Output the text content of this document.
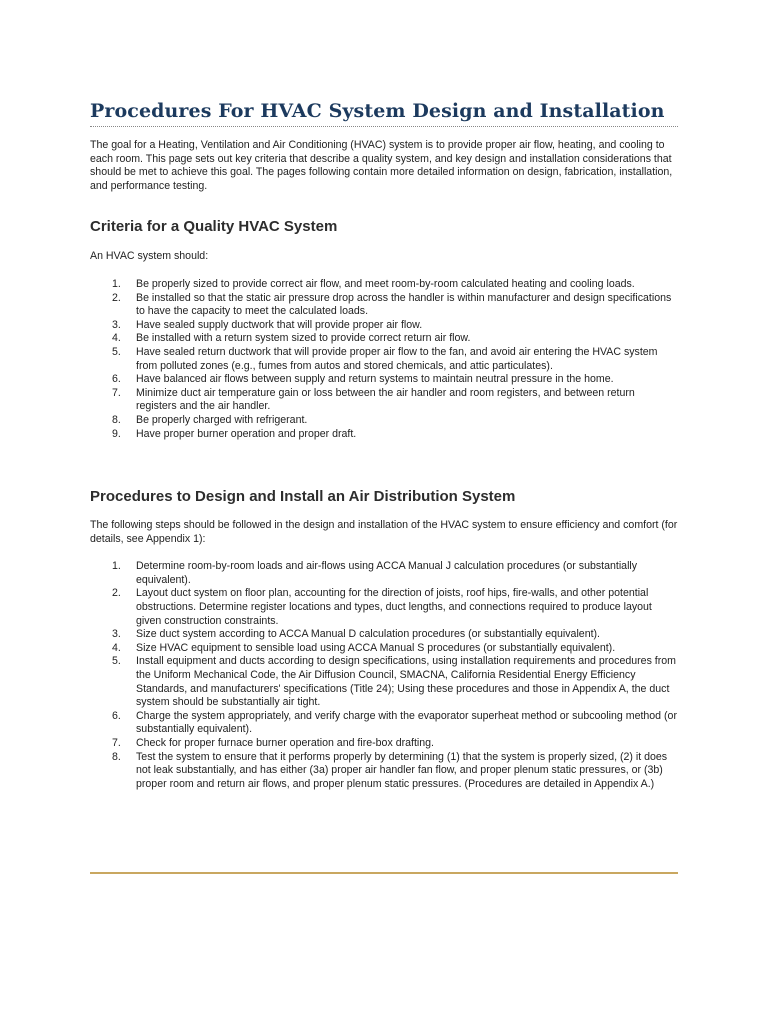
Procedures For HVAC System Design and Installation

The goal for a Heating, Ventilation and Air Conditioning (HVAC) system is to provide proper air flow, heating, and cooling to each room. This page sets out key criteria that describe a quality system, and key design and installation considerations that should be met to achieve this goal. The pages following contain more detailed information on design, fabrication, installation, and performance testing.

Criteria for a Quality HVAC System

An HVAC system should:

1. Be properly sized to provide correct air flow, and meet room-by-room calculated heating and cooling loads.
2. Be installed so that the static air pressure drop across the handler is within manufacturer and design specifications to have the capacity to meet the calculated loads.
3. Have sealed supply ductwork that will provide proper air flow.
4. Be installed with a return system sized to provide correct return air flow.
5. Have sealed return ductwork that will provide proper air flow to the fan, and avoid air entering the HVAC system from polluted zones (e.g., fumes from autos and stored chemicals, and attic particulates).
6. Have balanced air flows between supply and return systems to maintain neutral pressure in the home.
7. Minimize duct air temperature gain or loss between the air handler and room registers, and between return registers and the air handler.
8. Be properly charged with refrigerant.
9. Have proper burner operation and proper draft.
Procedures to Design and Install an Air Distribution System

The following steps should be followed in the design and installation of the HVAC system to ensure efficiency and comfort (for details, see Appendix 1):

1. Determine room-by-room loads and air-flows using ACCA Manual J calculation procedures (or substantially equivalent).
2. Layout duct system on floor plan, accounting for the direction of joists, roof hips, fire-walls, and other potential obstructions. Determine register locations and types, duct lengths, and connections required to produce layout given construction constraints.
3. Size duct system according to ACCA Manual D calculation procedures (or substantially equivalent).
4. Size HVAC equipment to sensible load using ACCA Manual S procedures (or substantially equivalent).
5. Install equipment and ducts according to design specifications, using installation requirements and procedures from the Uniform Mechanical Code, the Air Diffusion Council, SMACNA, California Residential Energy Efficiency Standards, and manufacturers' specifications (Title 24); Using these procedures and those in Appendix A, the duct system should be substantially air tight.
6. Charge the system appropriately, and verify charge with the evaporator superheat method or subcooling method (or substantially equivalent).
7. Check for proper furnace burner operation and fire-box drafting.
8. Test the system to ensure that it performs properly by determining (1) that the system is properly sized, (2) it does not leak substantially, and has either (3a) proper air handler fan flow, and proper plenum static pressures, or (3b) proper room and return air flows, and proper plenum static pressures. (Procedures are detailed in Appendix A.)
